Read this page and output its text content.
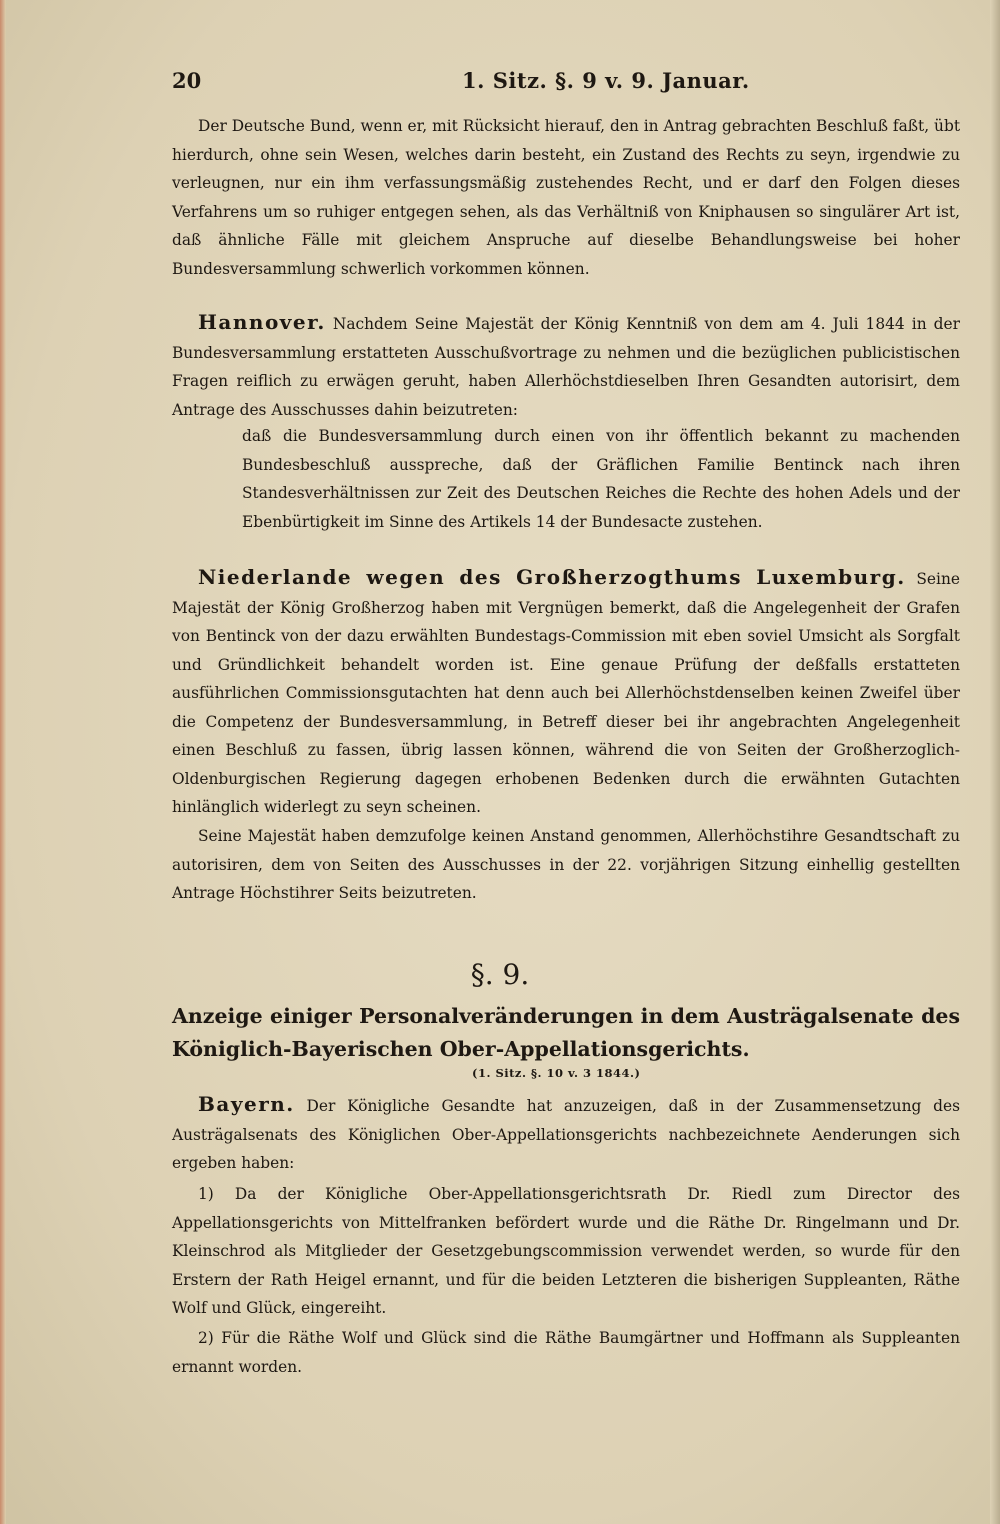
20	1. Sitz. §. 9 v. 9. Januar.

Der Deutsche Bund, wenn er, mit Rücksicht hierauf, den in Antrag gebrachten Beschluß faßt, übt hierdurch, ohne sein Wesen, welches darin besteht, ein Zustand des Rechts zu seyn, irgendwie zu verleugnen, nur ein ihm verfassungsmäßig zustehendes Recht, und er darf den Folgen dieses Verfahrens um so ruhiger entgegen sehen, als das Verhältniß von Kniphausen so singulärer Art ist, daß ähnliche Fälle mit gleichem Anspruche auf dieselbe Behandlungsweise bei hoher Bundesversammlung schwerlich vorkommen können.

Hannover. Nachdem Seine Majestät der König Kenntniß von dem am 4. Juli 1844 in der Bundesversammlung erstatteten Ausschußvortrage zu nehmen und die bezüglichen publicistischen Fragen reiflich zu erwägen geruht, haben Allerhöchstdieselben Ihren Gesandten autorisirt, dem Antrage des Ausschusses dahin beizutreten:

daß die Bundesversammlung durch einen von ihr öffentlich bekannt zu machenden Bundesbeschluß ausspreche, daß der Gräflichen Familie Bentinck nach ihren Standesverhältnissen zur Zeit des Deutschen Reiches die Rechte des hohen Adels und der Ebenbürtigkeit im Sinne des Artikels 14 der Bundesacte zustehen.

Niederlande wegen des Großherzogthums Luxemburg. Seine Majestät der König Großherzog haben mit Vergnügen bemerkt, daß die Angelegenheit der Grafen von Bentinck von der dazu erwählten Bundestags-Commission mit eben soviel Umsicht als Sorgfalt und Gründlichkeit behandelt worden ist. Eine genaue Prüfung der deßfalls erstatteten ausführlichen Commissionsgutachten hat denn auch bei Allerhöchstdenselben keinen Zweifel über die Competenz der Bundesversammlung, in Betreff dieser bei ihr angebrachten Angelegenheit einen Beschluß zu fassen, übrig lassen können, während die von Seiten der Großherzoglich-Oldenburgischen Regierung dagegen erhobenen Bedenken durch die erwähnten Gutachten hinlänglich widerlegt zu seyn scheinen.

Seine Majestät haben demzufolge keinen Anstand genommen, Allerhöchstihre Gesandtschaft zu autorisiren, dem von Seiten des Ausschusses in der 22. vorjährigen Sitzung einhellig gestellten Antrage Höchstihrer Seits beizutreten.

§. 9.
Anzeige einiger Personalveränderungen in dem Austrägalsenate des Königlich-Bayerischen Ober-Appellationsgerichts.
(1. Sitz. §. 10 v. 3 1844.)

Bayern. Der Königliche Gesandte hat anzuzeigen, daß in der Zusammensetzung des Austrägalsenats des Königlichen Ober-Appellationsgerichts nachbezeichnete Aenderungen sich ergeben haben:

1) Da der Königliche Ober-Appellationsgerichtsrath Dr. Riedl zum Director des Appellationsgerichts von Mittelfranken befördert wurde und die Räthe Dr. Ringelmann und Dr. Kleinschrod als Mitglieder der Gesetzgebungscommission verwendet werden, so wurde für den Erstern der Rath Heigel ernannt, und für die beiden Letzteren die bisherigen Suppleanten, Räthe Wolf und Glück, eingereiht.

2) Für die Räthe Wolf und Glück sind die Räthe Baumgärtner und Hoffmann als Suppleanten ernannt worden.
